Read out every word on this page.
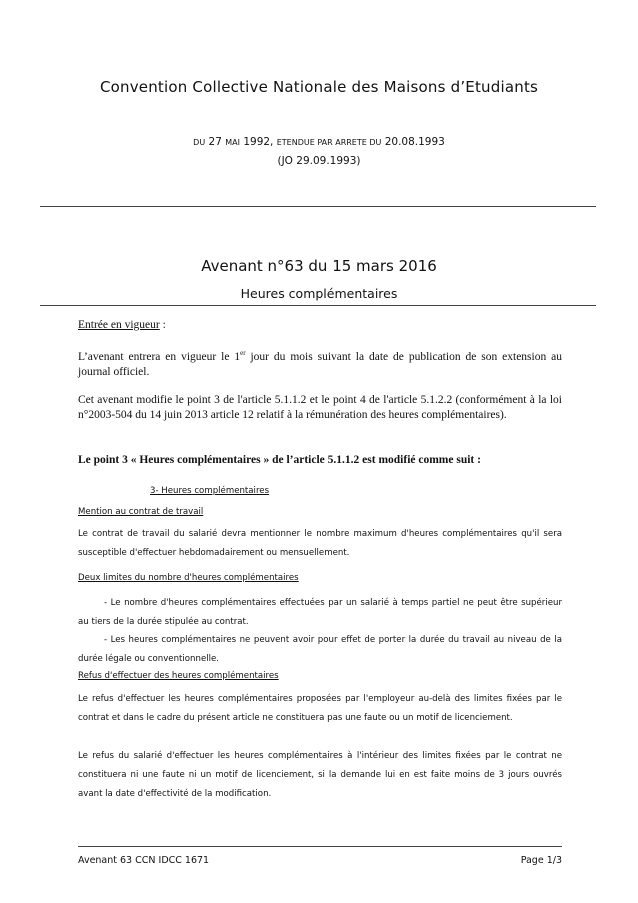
Convention Collective Nationale des Maisons d’Etudiants
DU 27 MAI 1992, ETENDUE PAR ARRETE DU 20.08.1993
(JO 29.09.1993)
Avenant n°63 du 15 mars 2016
Heures complémentaires
Entrée en vigueur :
L’avenant entrera en vigueur le 1er jour du mois suivant la date de publication de son extension au journal officiel.
Cet avenant modifie le point 3 de l'article 5.1.1.2 et le point 4 de l'article 5.1.2.2 (conformément à la loi n°2003-504 du 14 juin 2013 article 12 relatif à la rémunération des heures complémentaires).
Le point 3 « Heures complémentaires » de l’article 5.1.1.2 est modifié comme suit :
3- Heures complémentaires
Mention au contrat de travail
Le contrat de travail du salarié devra mentionner le nombre maximum d'heures complémentaires qu'il sera susceptible d'effectuer hebdomadairement ou mensuellement.
Deux limites du nombre d'heures complémentaires
- Le nombre d'heures complémentaires effectuées par un salarié à temps partiel ne peut être supérieur au tiers de la durée stipulée au contrat.
- Les heures complémentaires ne peuvent avoir pour effet de porter la durée du travail au niveau de la durée légale ou conventionnelle.
Refus d'effectuer des heures complémentaires
Le refus d'effectuer les heures complémentaires proposées par l'employeur au-delà des limites fixées par le contrat et dans le cadre du présent article ne constituera pas une faute ou un motif de licenciement.
Le refus du salarié d'effectuer les heures complémentaires à l'intérieur des limites fixées par le contrat ne constituera ni une faute ni un motif de licenciement, si la demande lui en est faite moins de 3 jours ouvrés avant la date d'effectivité de la modification.
Avenant 63 CCN IDCC 1671	Page 1/3
